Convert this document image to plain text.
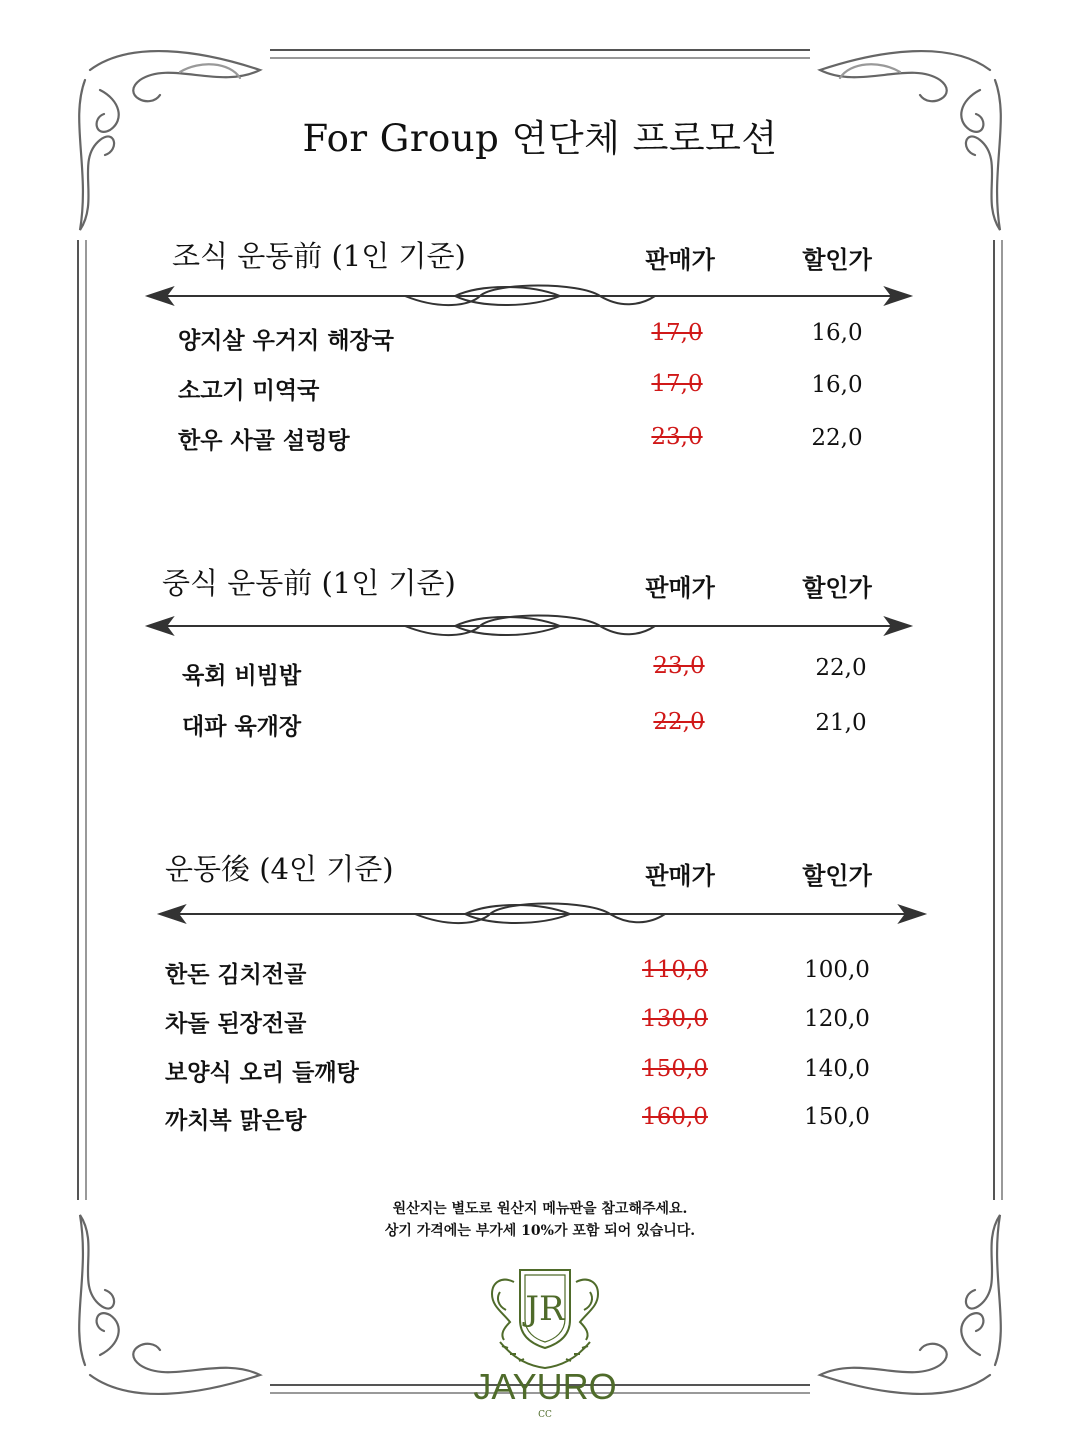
For Group 연단체 프로모션
조식 운동前 (1인 기준)	판매가	할인가
양지살 우거지 해장국	17,0	16,0
소고기 미역국	17,0	16,0
한우 사골 설렁탕	23,0	22,0
중식 운동前 (1인 기준)	판매가	할인가
육회 비빔밥	23,0	22,0
대파 육개장	22,0	21,0
운동後 (4인 기준)	판매가	할인가
한돈 김치전골	110,0	100,0
차돌 된장전골	130,0	120,0
보양식 오리 들깨탕	150,0	140,0
까치복 맑은탕	160,0	150,0
원산지는 별도로 원산지 메뉴판을 참고해주세요.
상기 가격에는 부가세 10%가 포함 되어 있습니다.
JR
JAYURO
CC
